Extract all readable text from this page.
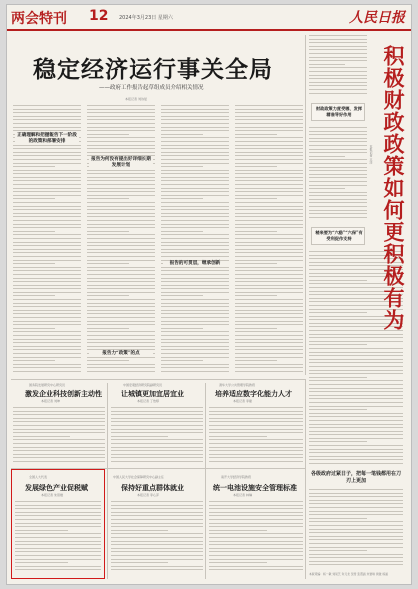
两会特刊 12 2024年3月23日 星期六	人民日报
稳定经济运行事关全局
——政府工作报告起草组成员介绍相关情况
本报记者 刘诗瑶
正确理解和把握報告下一阶段的政策和部署安排
报告为何没有提出好详细长期发展计划
报告的可贯层，继承创新
报告力“政策”的点
财政政策力度受哪，发挥精准导好作用
稍来要为“六稳”“六保”有受利促作支持	积极财政政策如何更积极有为
本报记者 王洋
各级政府过紧日子，把每一笔钱都用在刀刃上更加
国务院发展研究中心研究员
激发企业科技创新主动性
本报记者 刘坤
中国宏观经济研究院副研究员
让城镇更加宜居宜业
本报记者 丁怡婷
清华大学公共管理学院教授
培养适应数字化能力人才
本报记者 李婕
全国人大代表
发展绿色产业促税赋
本报记者 朱思雄
中国人民大学社会保障研究中心副主任
保持好重点群体就业
本报记者 李心萍
南开大学经济学院教授
统一电池设施安全管理标准
本报记者 林琳
本版责编：杨一敏 刘景芝 许元龙 吴雪 张霄涵 朱智琪 侯骏 杨涵
